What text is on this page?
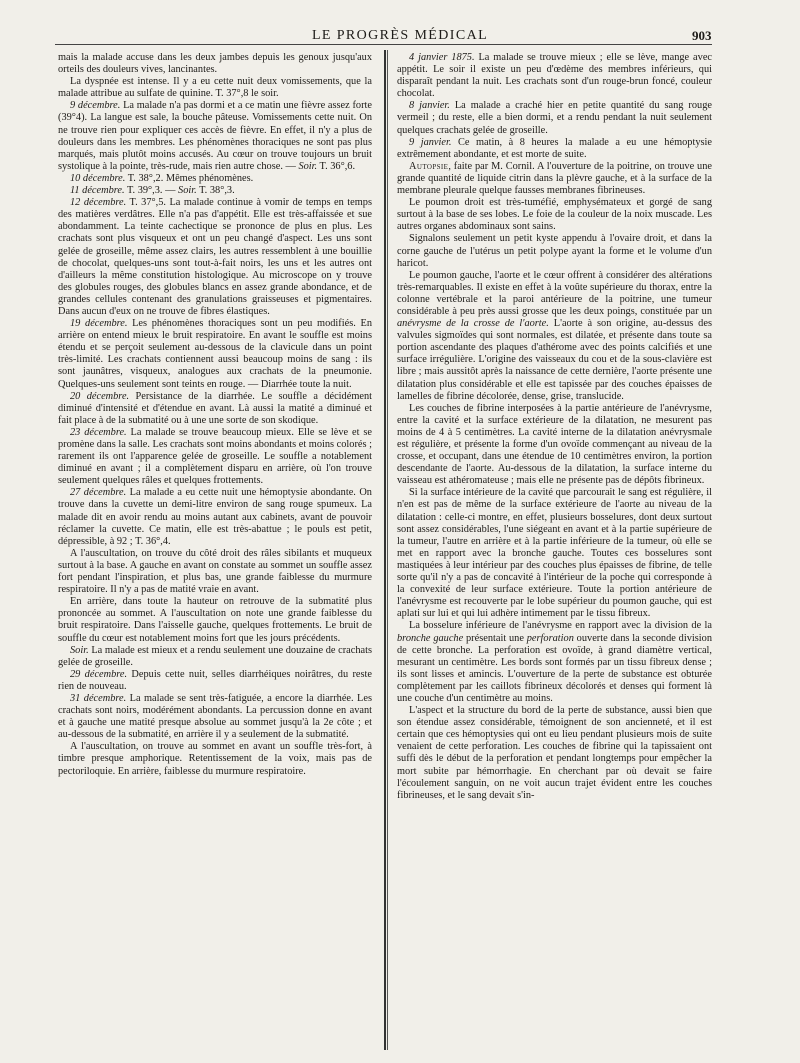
LE PROGRÈS MÉDICAL	903

mais la malade accuse dans les deux jambes depuis les genoux jusqu'aux orteils des douleurs vives, lancinantes.

La dyspnée est intense. Il y a eu cette nuit deux vomissements, que la malade attribue au sulfate de quinine. T. 37°,8 le soir.

9 décembre. La malade n'a pas dormi et a ce matin une fièvre assez forte (39°4). La langue est sale, la bouche pâteuse. Vomissements cette nuit. On ne trouve rien pour expliquer ces accès de fièvre. En effet, il n'y a plus de douleurs dans les membres. Les phénomènes thoraciques ne sont pas plus marqués, mais plutôt moins accusés. Au cœur on trouve toujours un bruit systolique à la pointe, très-rude, mais rien autre chose. — Soir. T. 36°,6.

10 décembre. T. 38°,2. Mêmes phénomènes.

11 décembre. T. 39°,3. — Soir. T. 38°,3.

12 décembre. T. 37°,5. La malade continue à vomir de temps en temps des matières verdâtres. Elle n'a pas d'appétit. Elle est très-affaissée et sue abondamment. La teinte cachectique se prononce de plus en plus. Les crachats sont plus visqueux et ont un peu changé d'aspect. Les uns sont gelée de groseille, même assez clairs, les autres ressemblent à une bouillie de chocolat, quelques-uns sont tout-à-fait noirs, les uns et les autres ont d'ailleurs la même constitution histologique. Au microscope on y trouve des globules rouges, des globules blancs en assez grande abondance, et de grandes cellules contenant des granulations graisseuses et pigmentaires. Dans aucun d'eux on ne trouve de fibres élastiques.

19 décembre. Les phénomènes thoraciques sont un peu modifiés. En arrière on entend mieux le bruit respiratoire. En avant le souffle est moins étendu et se perçoit seulement au-dessous de la clavicule dans un point très-limité. Les crachats contiennent aussi beaucoup moins de sang : ils sont jaunâtres, visqueux, analogues aux crachats de la pneumonie. Quelques-uns seulement sont teints en rouge. — Diarrhée toute la nuit.

20 décembre. Persistance de la diarrhée. Le souffle a décidément diminué d'intensité et d'étendue en avant. Là aussi la matité a diminué et fait place à de la submatité ou à une une sorte de son skodique.

23 décembre. La malade se trouve beaucoup mieux. Elle se lève et se promène dans la salle. Les crachats sont moins abondants et moins colorés ; rarement ils ont l'apparence gelée de groseille. Le souffle a notablement diminué en avant ; il a complètement disparu en arrière, où l'on trouve seulement quelques râles et quelques frottements.

27 décembre. La malade a eu cette nuit une hémoptysie abondante. On trouve dans la cuvette un demi-litre environ de sang rouge spumeux. La malade dit en avoir rendu au moins autant aux cabinets, avant de pouvoir réclamer la cuvette. Ce matin, elle est très-abattue ; le pouls est petit, dépressible, à 92 ; T. 36°,4.

A l'auscultation, on trouve du côté droit des râles sibilants et muqueux surtout à la base. A gauche en avant on constate au sommet un souffle assez fort pendant l'inspiration, et plus bas, une grande faiblesse du murmure respiratoire. Il n'y a pas de matité vraie en avant.

En arrière, dans toute la hauteur on retrouve de la submatité plus prononcée au sommet. A l'auscultation on note une grande faiblesse du bruit respiratoire. Dans l'aisselle gauche, quelques frottements. Le bruit de souffle du cœur est notablement moins fort que les jours précédents.

Soir. La malade est mieux et a rendu seulement une douzaine de crachats gelée de groseille.

29 décembre. Depuis cette nuit, selles diarrhéiques noirâtres, du reste rien de nouveau.

31 décembre. La malade se sent très-fatiguée, a encore la diarrhée. Les crachats sont noirs, modérément abondants. La percussion donne en avant et à gauche une matité presque absolue au sommet jusqu'à la 2e côte ; et au-dessous de la submatité, en arrière il y a seulement de la submatité.

A l'auscultation, on trouve au sommet en avant un souffle très-fort, à timbre presque amphorique. Retentissement de la voix, mais pas de pectoriloquie. En arrière, faiblesse du murmure respiratoire.

4 janvier 1875. La malade se trouve mieux ; elle se lève, mange avec appétit. Le soir il existe un peu d'œdème des membres inférieurs, qui disparaît pendant la nuit. Les crachats sont d'un rouge-brun foncé, couleur chocolat.

8 janvier. La malade a craché hier en petite quantité du sang rouge vermeil ; du reste, elle a bien dormi, et a rendu pendant la nuit seulement quelques crachats gelée de groseille.

9 janvier. Ce matin, à 8 heures la malade a eu une hémoptysie extrêmement abondante, et est morte de suite.

Autopsie, faite par M. Cornil. A l'ouverture de la poitrine, on trouve une grande quantité de liquide citrin dans la plèvre gauche, et à la surface de la membrane pleurale quelque fausses membranes fibrineuses.

Le poumon droit est très-tuméfié, emphysémateux et gorgé de sang surtout à la base de ses lobes. Le foie de la couleur de la noix muscade. Les autres organes abdominaux sont sains.

Signalons seulement un petit kyste appendu à l'ovaire droit, et dans la corne gauche de l'utérus un petit polype ayant la forme et le volume d'un haricot.

Le poumon gauche, l'aorte et le cœur offrent à considérer des altérations très-remarquables. Il existe en effet à la voûte supérieure du thorax, entre la colonne vertébrale et la paroi antérieure de la poitrine, une tumeur considérable à peu près aussi grosse que les deux poings, constituée par un anévrysme de la crosse de l'aorte. L'aorte à son origine, au-dessus des valvules sigmoïdes qui sont normales, est dilatée, et présente dans toute sa portion ascendante des plaques d'athérome avec des points calcifiés et une surface irrégulière. L'origine des vaisseaux du cou et de la sous-clavière est libre ; mais aussitôt après la naissance de cette dernière, l'aorte présente une dilatation plus considérable et elle est tapissée par des couches épaisses de lamelles de fibrine décolorée, dense, grise, translucide.

Les couches de fibrine interposées à la partie antérieure de l'anévrysme, entre la cavité et la surface extérieure de la dilatation, ne mesurent pas moins de 4 à 5 centimètres. La cavité interne de la dilatation anévrysmale est régulière, et présente la forme d'un ovoïde commençant au niveau de la crosse, et occupant, dans une étendue de 10 centimètres environ, la portion descendante de l'aorte. Au-dessous de la dilatation, la surface interne du vaisseau est athéromateuse ; mais elle ne présente pas de dépôts fibrineux.

Si la surface intérieure de la cavité que parcourait le sang est régulière, il n'en est pas de même de la surface extérieure de l'aorte au niveau de la dilatation : celle-ci montre, en effet, plusieurs bosselures, dont deux surtout sont assez considérables, l'une siégeant en avant et à la partie supérieure de la tumeur, l'autre en arrière et à la partie inférieure de la tumeur, où elle se met en rapport avec la bronche gauche. Toutes ces bosselures sont mastiquées à leur intérieur par des couches plus épaisses de fibrine, de telle sorte qu'il n'y a pas de concavité à l'intérieur de la poche qui corresponde à la convexité de leur surface extérieure. Toute la portion antérieure de l'anévrysme est recouverte par le lobe supérieur du poumon gauche, qui est aplati sur lui et qui lui adhère intimement par le tissu fibreux.

La bosselure inférieure de l'anévrysme en rapport avec la division de la bronche gauche présentait une perforation ouverte dans la seconde division de cette bronche. La perforation est ovoïde, à grand diamètre vertical, mesurant un centimètre. Les bords sont formés par un tissu fibreux dense ; ils sont lisses et amincis. L'ouverture de la perte de substance est obturée complètement par les caillots fibrineux décolorés et denses qui forment là une couche d'un centimètre au moins.

L'aspect et la structure du bord de la perte de substance, aussi bien que son étendue assez considérable, témoignent de son ancienneté, et il est certain que ces hémoptysies qui ont eu lieu pendant plusieurs mois de suite venaient de cette perforation. Les couches de fibrine qui la tapissaient ont suffi dès le début de la perforation et pendant longtemps pour empêcher la mort subite par hémorrhagie. En cherchant par où devait se faire l'écoulement sanguin, on ne voit aucun trajet évident entre les couches fibrineuses, et le sang devait s'in-
